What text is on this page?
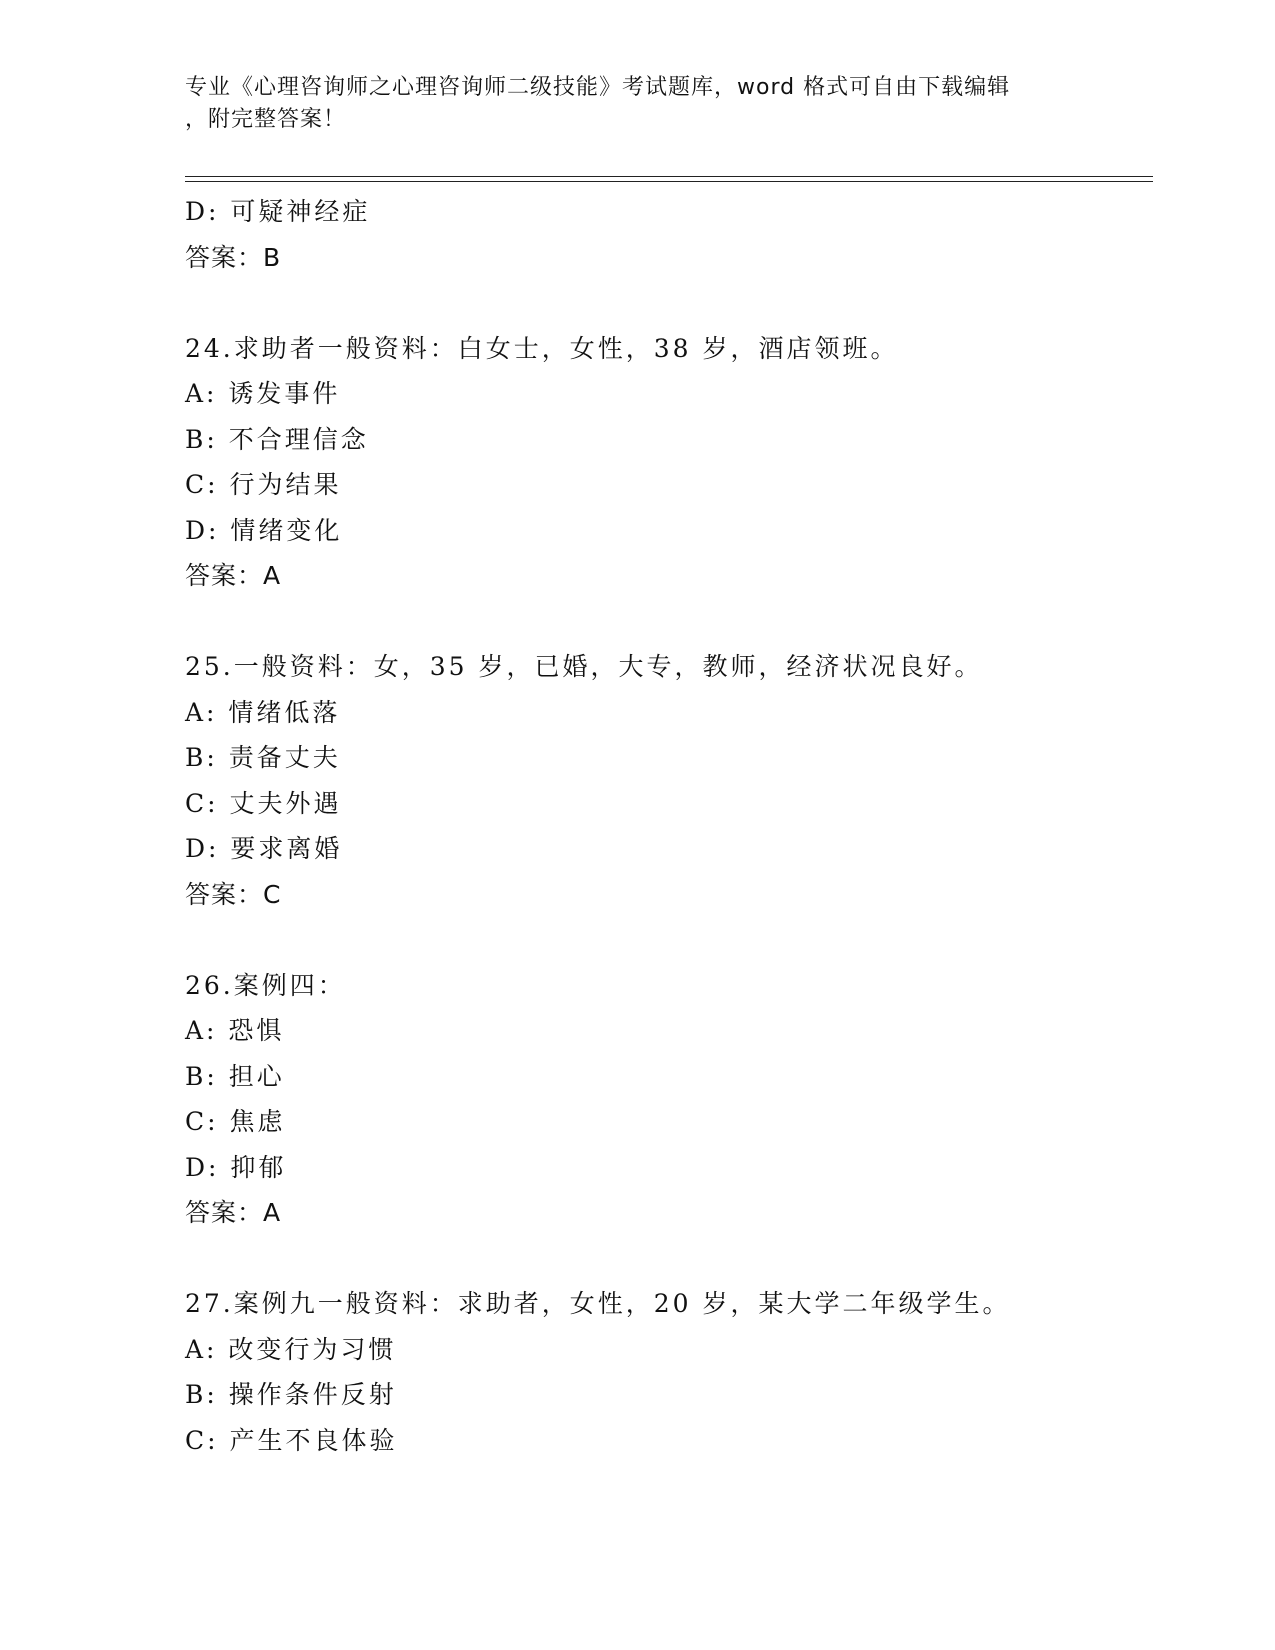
专业《心理咨询师之心理咨询师二级技能》考试题库，word 格式可自由下载编辑
，附完整答案！
D: 可疑神经症
答案：B
24.求助者一般资料：白女士，女性，38 岁，酒店领班。
A: 诱发事件
B: 不合理信念
C: 行为结果
D: 情绪变化
答案：A
25.一般资料：女，35 岁，已婚，大专，教师，经济状况良好。
A: 情绪低落
B: 责备丈夫
C: 丈夫外遇
D: 要求离婚
答案：C
26.案例四：
A: 恐惧
B: 担心
C: 焦虑
D: 抑郁
答案：A
27.案例九一般资料：求助者，女性，20 岁，某大学二年级学生。
A: 改变行为习惯
B: 操作条件反射
C: 产生不良体验
